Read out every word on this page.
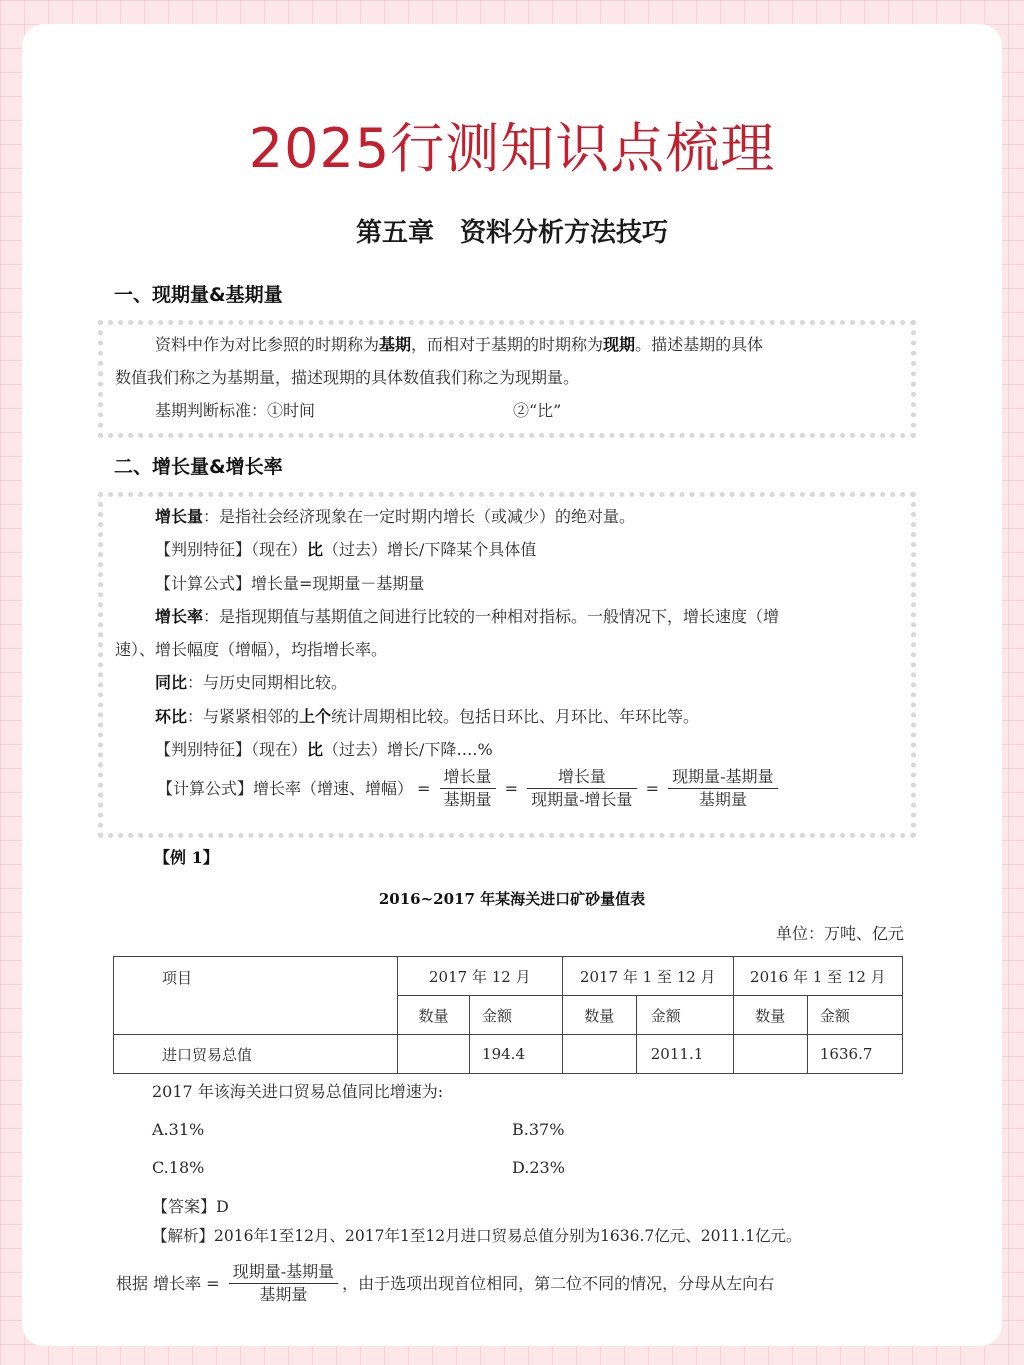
2025行测知识点梳理
第五章　资料分析方法技巧
一、现期量&基期量
资料中作为对比参照的时期称为基期，而相对于基期的时期称为现期。描述基期的具体
数值我们称之为基期量，描述现期的具体数值我们称之为现期量。
基期判断标准：①时间	②“比”
二、增长量&增长率
增长量：是指社会经济现象在一定时期内增长（或减少）的绝对量。
【判别特征】（现在）比（过去）增长/下降某个具体值
【计算公式】增长量=现期量－基期量
增长率：是指现期值与基期值之间进行比较的一种相对指标。一般情况下，增长速度（增
速）、增长幅度（增幅），均指增长率。
同比：与历史同期相比较。
环比：与紧紧相邻的上个统计周期相比较。包括日环比、月环比、年环比等。
【判别特征】（现在）比（过去）增长/下降….%
【计算公式】增长率（增速、增幅） = $\frac{\text{增长量}}{\text{基期量}} = \frac{\text{增长量}}{\text{现期量-增长量}} = \frac{\text{现期量-基期量}}{\text{基期量}}$
【例 1】
2016~2017 年某海关进口矿砂量值表
单位：万吨、亿元
项目	2017 年 12 月		2017 年 1 至 12 月		2016 年 1 至 12 月	
	数量	金额	数量	金额	数量	金额
进口贸易总值		194.4		2011.1		1636.7
2017 年该海关进口贸易总值同比增速为:
A.31%	B.37%
C.18%	D.23%
【答案】D
【解析】2016年1至12月、2017年1至12月进口贸易总值分别为1636.7亿元、2011.1亿元。
根据 增长率 = $\frac{\text{现期量-基期量}}{\text{基期量}}$ ，由于选项出现首位相同，第二位不同的情况，分母从左向右
